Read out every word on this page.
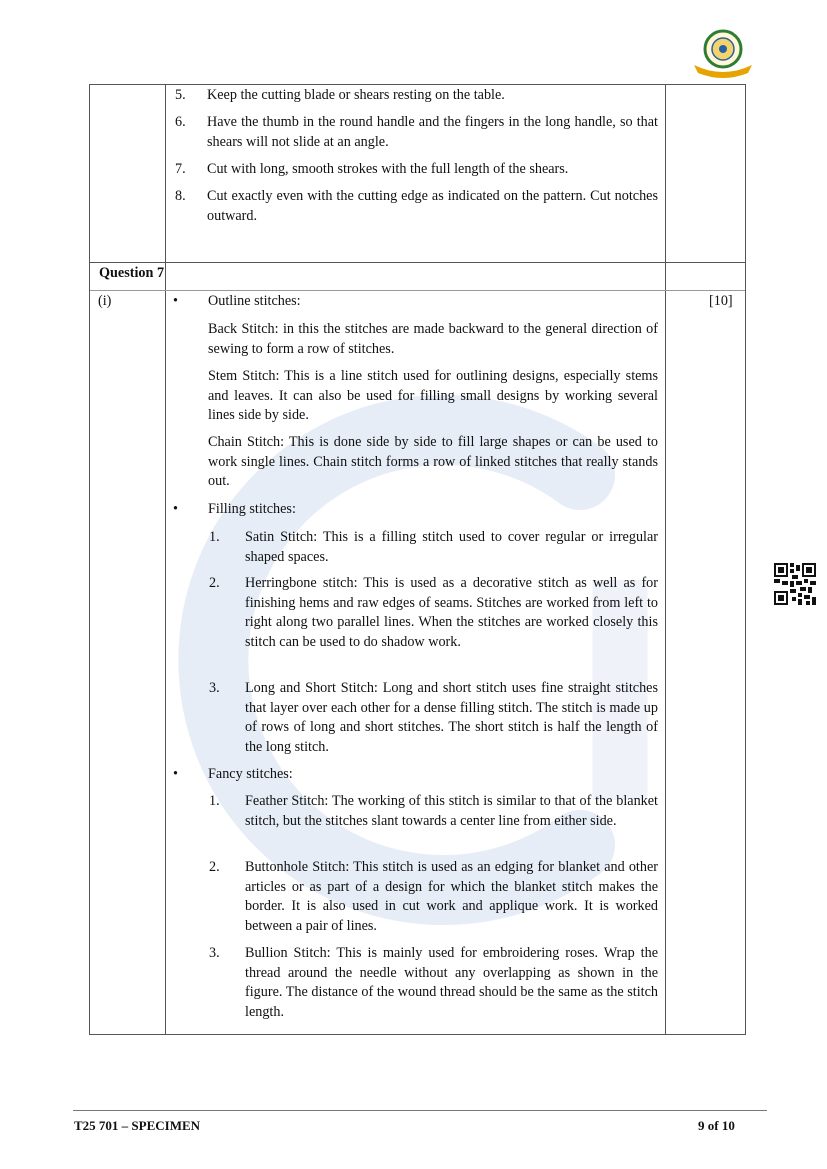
5. Keep the cutting blade or shears resting on the table.
6. Have the thumb in the round handle and the fingers in the long handle, so that shears will not slide at an angle.
7. Cut with long, smooth strokes with the full length of the shears.
8. Cut exactly even with the cutting edge as indicated on the pattern. Cut notches outward.
Question 7
(i)	[10]
• Outline stitches:
Back Stitch: in this the stitches are made backward to the general direction of sewing to form a row of stitches.
Stem Stitch: This is a line stitch used for outlining designs, especially stems and leaves. It can also be used for filling small designs by working several lines side by side.
Chain Stitch: This is done side by side to fill large shapes or can be used to work single lines. Chain stitch forms a row of linked stitches that really stands out.
• Filling stitches:
1. Satin Stitch: This is a filling stitch used to cover regular or irregular shaped spaces.
2. Herringbone stitch: This is used as a decorative stitch as well as for finishing hems and raw edges of seams. Stitches are worked from left to right along two parallel lines. When the stitches are worked closely this stitch can be used to do shadow work.
3. Long and Short Stitch: Long and short stitch uses fine straight stitches that layer over each other for a dense filling stitch. The stitch is made up of rows of long and short stitches. The short stitch is half the length of the long stitch.
• Fancy stitches:
1. Feather Stitch: The working of this stitch is similar to that of the blanket stitch, but the stitches slant towards a center line from either side.
2. Buttonhole Stitch: This stitch is used as an edging for blanket and other articles or as part of a design for which the blanket stitch makes the border. It is also used in cut work and applique work. It is worked between a pair of lines.
3. Bullion Stitch: This is mainly used for embroidering roses. Wrap the thread around the needle without any overlapping as shown in the figure. The distance of the wound thread should be the same as the stitch length.
T25 701 – SPECIMEN	9 of 10
